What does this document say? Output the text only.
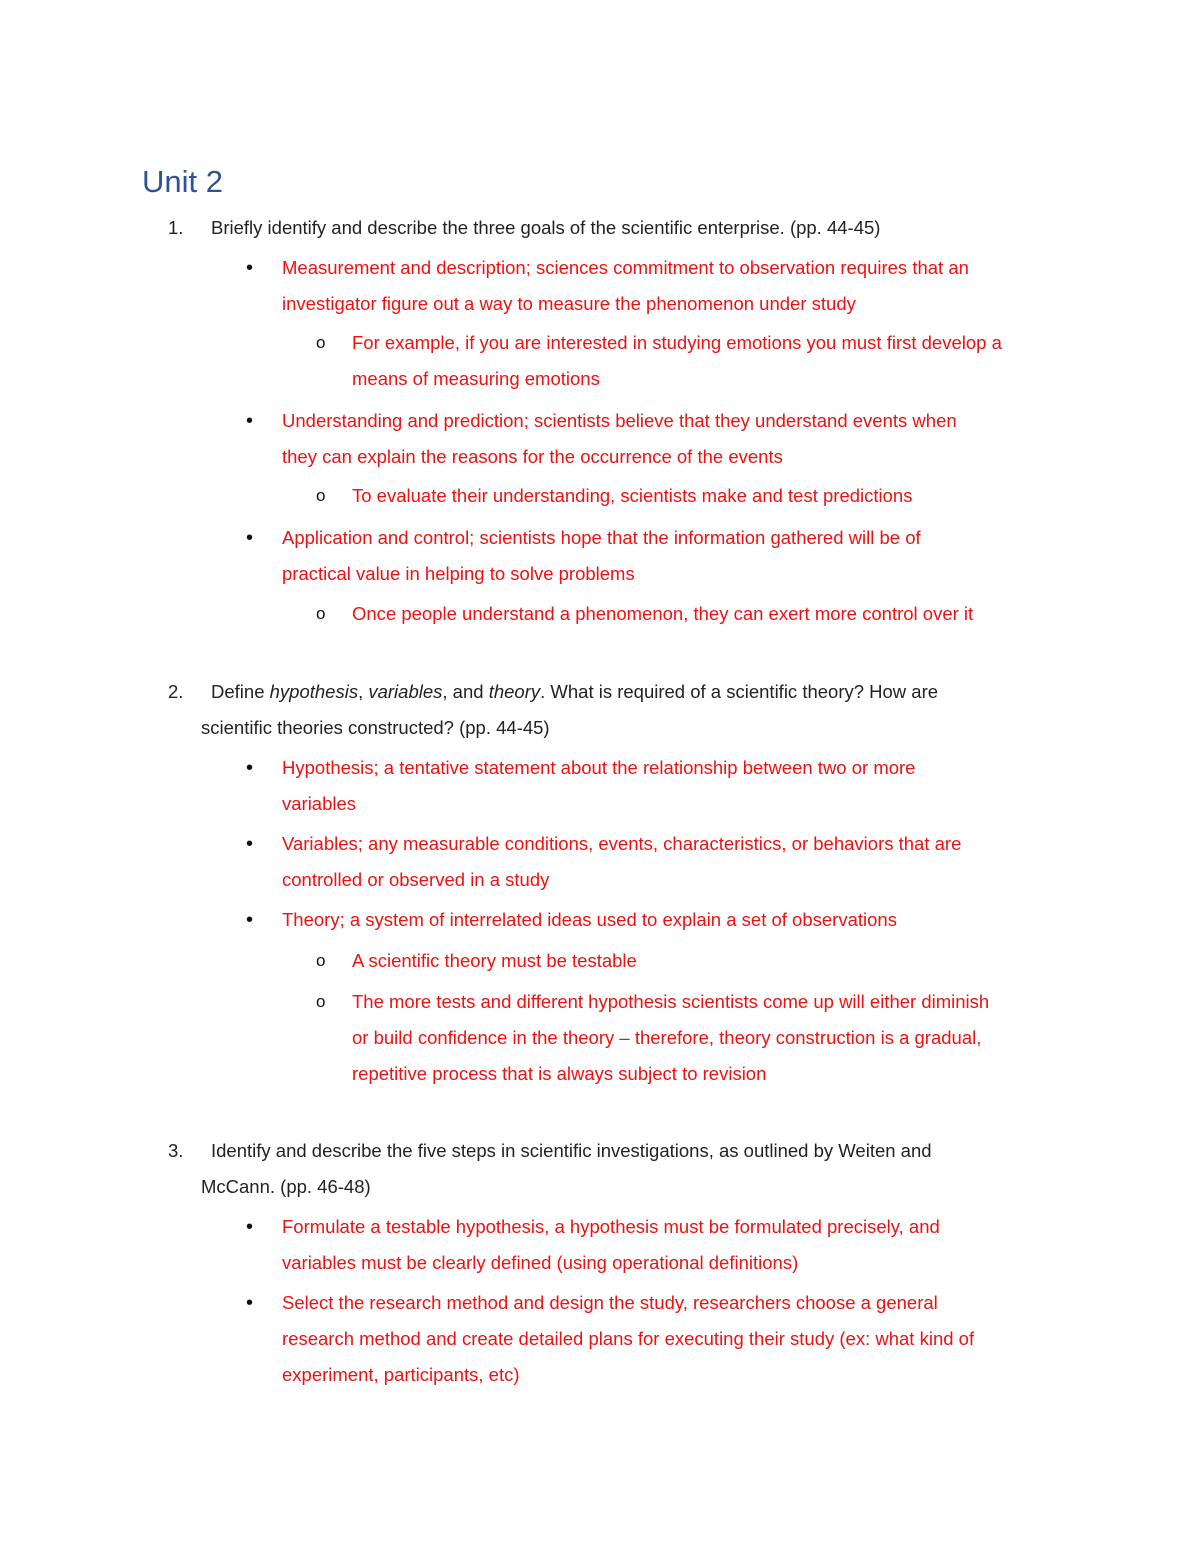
Unit 2
1.	Briefly identify and describe the three goals of the scientific enterprise. (pp. 44-45)
•	Measurement and description; sciences commitment to observation requires that an investigator figure out a way to measure the phenomenon under study
o	For example, if you are interested in studying emotions you must first develop a means of measuring emotions
•	Understanding and prediction; scientists believe that they understand events when they can explain the reasons for the occurrence of the events
o	To evaluate their understanding, scientists make and test predictions
•	Application and control; scientists hope that the information gathered will be of practical value in helping to solve problems
o	Once people understand a phenomenon, they can exert more control over it
2.	Define hypothesis, variables, and theory. What is required of a scientific theory? How are scientific theories constructed? (pp. 44-45)
•	Hypothesis; a tentative statement about the relationship between two or more variables
•	Variables; any measurable conditions, events, characteristics, or behaviors that are controlled or observed in a study
•	Theory; a system of interrelated ideas used to explain a set of observations
o	A scientific theory must be testable
o	The more tests and different hypothesis scientists come up will either diminish or build confidence in the theory – therefore, theory construction is a gradual, repetitive process that is always subject to revision
3.	Identify and describe the five steps in scientific investigations, as outlined by Weiten and McCann. (pp. 46-48)
•	Formulate a testable hypothesis, a hypothesis must be formulated precisely, and variables must be clearly defined (using operational definitions)
•	Select the research method and design the study, researchers choose a general research method and create detailed plans for executing their study (ex: what kind of experiment, participants, etc)
